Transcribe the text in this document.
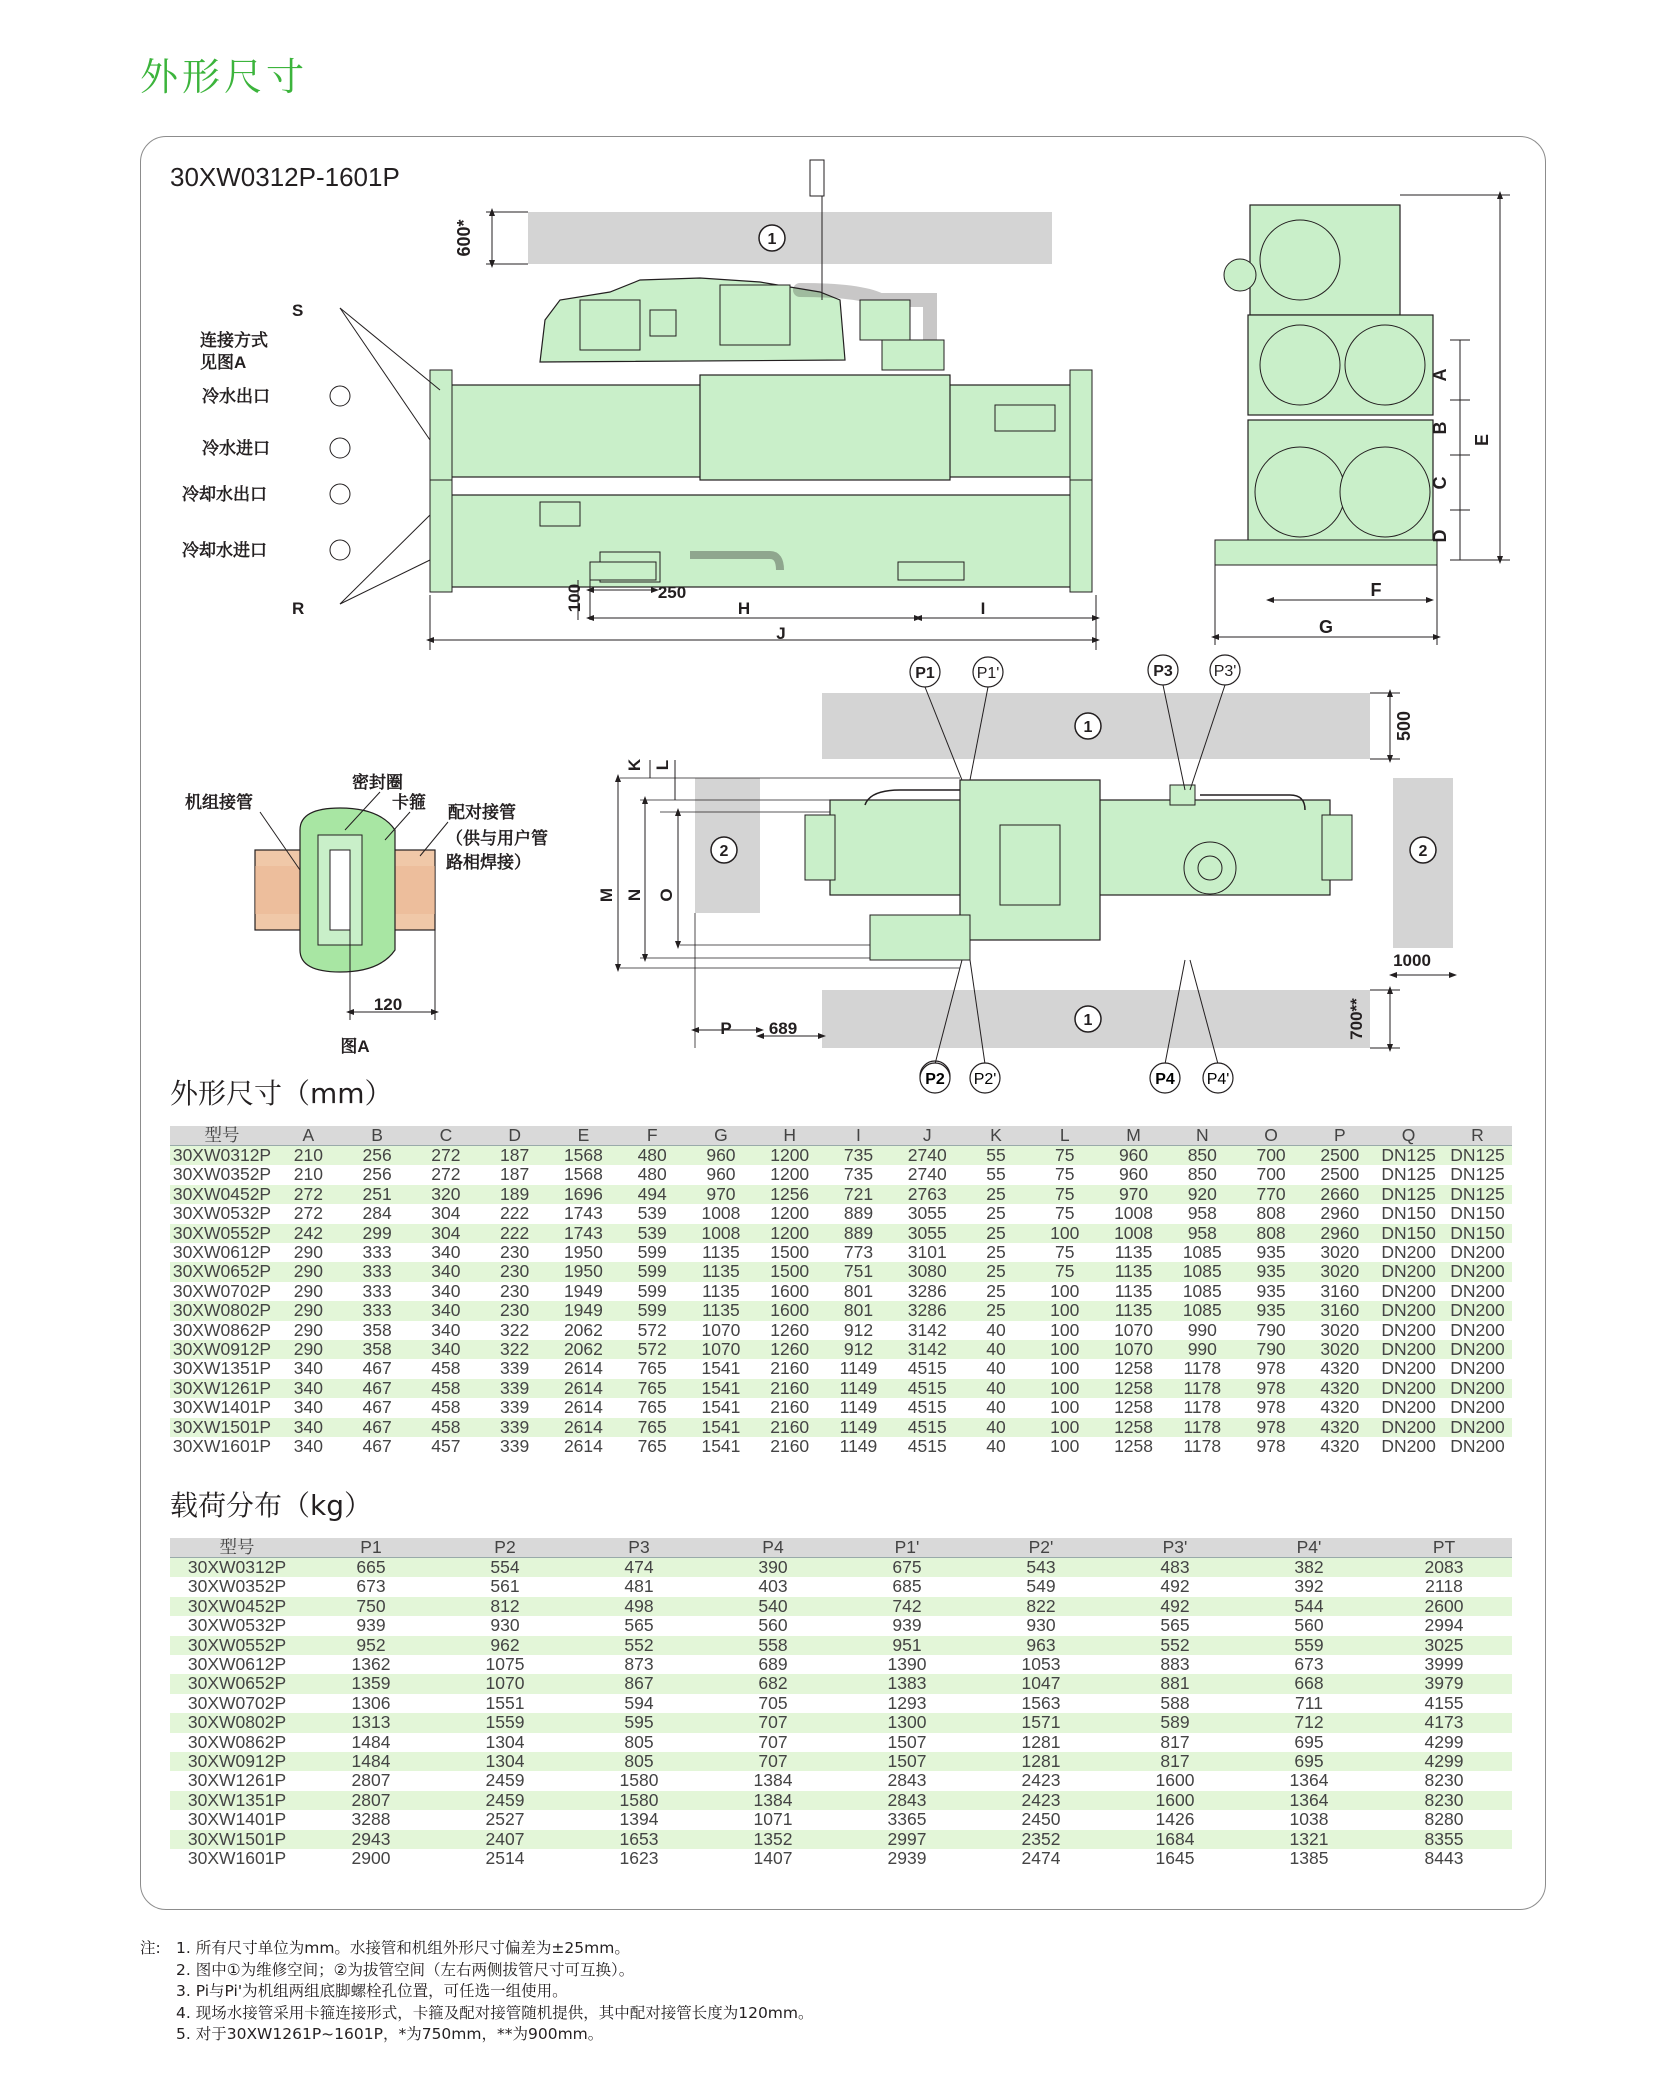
外形尺寸
30XW0312P-1601P
1
600*
100	250
H	I
J
S
连接方式
见图A
冷水出口
冷水进口
冷却水出口
冷却水进口
R
A
B
C
D
E
F
G
1	500
1	700**
2	2
1000
M N O
K L
P 689
P1	P1'	P3	P3'
120
图A
机组接管
密封圈
卡箍
配对接管
（供与用户管
路相焊接）
P2 P2'	P4 P4'
外形尺寸（mm）
型号	A	B	C	D	E	F	G	H	I	J	K	L	M	N	O	P	Q	R
30XW0312P	210	256	272	187	1568	480	960	1200	735	2740	55	75	960	850	700	2500	DN125	DN125
30XW0352P	210	256	272	187	1568	480	960	1200	735	2740	55	75	960	850	700	2500	DN125	DN125
30XW0452P	272	251	320	189	1696	494	970	1256	721	2763	25	75	970	920	770	2660	DN125	DN125
30XW0532P	272	284	304	222	1743	539	1008	1200	889	3055	25	75	1008	958	808	2960	DN150	DN150
30XW0552P	242	299	304	222	1743	539	1008	1200	889	3055	25	100	1008	958	808	2960	DN150	DN150
30XW0612P	290	333	340	230	1950	599	1135	1500	773	3101	25	75	1135	1085	935	3020	DN200	DN200
30XW0652P	290	333	340	230	1950	599	1135	1500	751	3080	25	75	1135	1085	935	3020	DN200	DN200
30XW0702P	290	333	340	230	1949	599	1135	1600	801	3286	25	100	1135	1085	935	3160	DN200	DN200
30XW0802P	290	333	340	230	1949	599	1135	1600	801	3286	25	100	1135	1085	935	3160	DN200	DN200
30XW0862P	290	358	340	322	2062	572	1070	1260	912	3142	40	100	1070	990	790	3020	DN200	DN200
30XW0912P	290	358	340	322	2062	572	1070	1260	912	3142	40	100	1070	990	790	3020	DN200	DN200
30XW1351P	340	467	458	339	2614	765	1541	2160	1149	4515	40	100	1258	1178	978	4320	DN200	DN200
30XW1261P	340	467	458	339	2614	765	1541	2160	1149	4515	40	100	1258	1178	978	4320	DN200	DN200
30XW1401P	340	467	458	339	2614	765	1541	2160	1149	4515	40	100	1258	1178	978	4320	DN200	DN200
30XW1501P	340	467	458	339	2614	765	1541	2160	1149	4515	40	100	1258	1178	978	4320	DN200	DN200
30XW1601P	340	467	457	339	2614	765	1541	2160	1149	4515	40	100	1258	1178	978	4320	DN200	DN200
载荷分布（kg）
型号	P1	P2	P3	P4	P1'	P2'	P3'	P4'	PT
30XW0312P	665	554	474	390	675	543	483	382	2083
30XW0352P	673	561	481	403	685	549	492	392	2118
30XW0452P	750	812	498	540	742	822	492	544	2600
30XW0532P	939	930	565	560	939	930	565	560	2994
30XW0552P	952	962	552	558	951	963	552	559	3025
30XW0612P	1362	1075	873	689	1390	1053	883	673	3999
30XW0652P	1359	1070	867	682	1383	1047	881	668	3979
30XW0702P	1306	1551	594	705	1293	1563	588	711	4155
30XW0802P	1313	1559	595	707	1300	1571	589	712	4173
30XW0862P	1484	1304	805	707	1507	1281	817	695	4299
30XW0912P	1484	1304	805	707	1507	1281	817	695	4299
30XW1261P	2807	2459	1580	1384	2843	2423	1600	1364	8230
30XW1351P	2807	2459	1580	1384	2843	2423	1600	1364	8230
30XW1401P	3288	2527	1394	1071	3365	2450	1426	1038	8280
30XW1501P	2943	2407	1653	1352	2997	2352	1684	1321	8355
30XW1601P	2900	2514	1623	1407	2939	2474	1645	1385	8443
注: 1. 所有尺寸单位为mm。水接管和机组外形尺寸偏差为±25mm。
2. 图中①为维修空间；②为拔管空间（左右两侧拔管尺寸可互换）。
3. Pi与Pi'为机组两组底脚螺栓孔位置，可任选一组使用。
4. 现场水接管采用卡箍连接形式，卡箍及配对接管随机提供，其中配对接管长度为120mm。
5. 对于30XW1261P~1601P，*为750mm，**为900mm。
